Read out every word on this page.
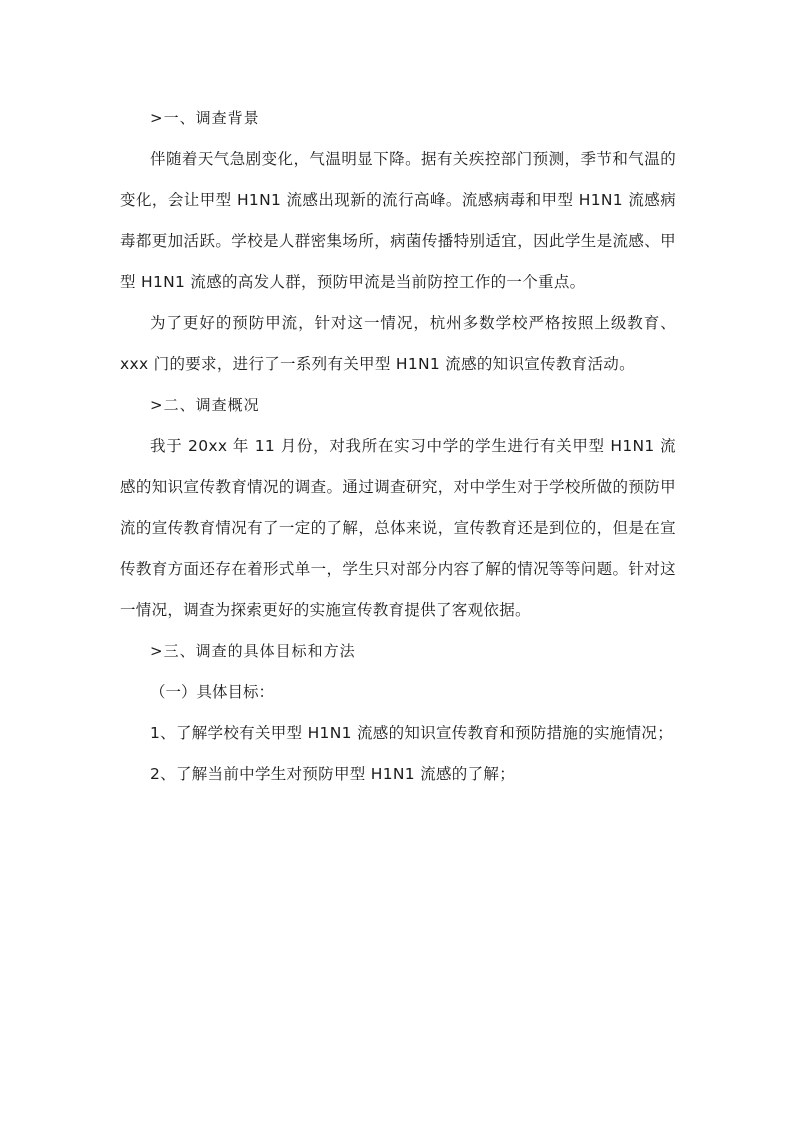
>一、调查背景

伴随着天气急剧变化，气温明显下降。据有关疾控部门预测，季节和气温的变化，会让甲型 H1N1 流感出现新的流行高峰。流感病毒和甲型 H1N1 流感病毒都更加活跃。学校是人群密集场所，病菌传播特别适宜，因此学生是流感、甲型 H1N1 流感的高发人群，预防甲流是当前防控工作的一个重点。

为了更好的预防甲流，针对这一情况，杭州多数学校严格按照上级教育、xxx 门的要求，进行了一系列有关甲型 H1N1 流感的知识宣传教育活动。

>二、调查概况

我于 20xx 年 11 月份，对我所在实习中学的学生进行有关甲型 H1N1 流感的知识宣传教育情况的调查。通过调查研究，对中学生对于学校所做的预防甲流的宣传教育情况有了一定的了解，总体来说，宣传教育还是到位的，但是在宣传教育方面还存在着形式单一，学生只对部分内容了解的情况等等问题。针对这一情况，调查为探索更好的实施宣传教育提供了客观依据。

>三、调查的具体目标和方法

（一）具体目标：

1、了解学校有关甲型 H1N1 流感的知识宣传教育和预防措施的实施情况；

2、了解当前中学生对预防甲型 H1N1 流感的了解；
